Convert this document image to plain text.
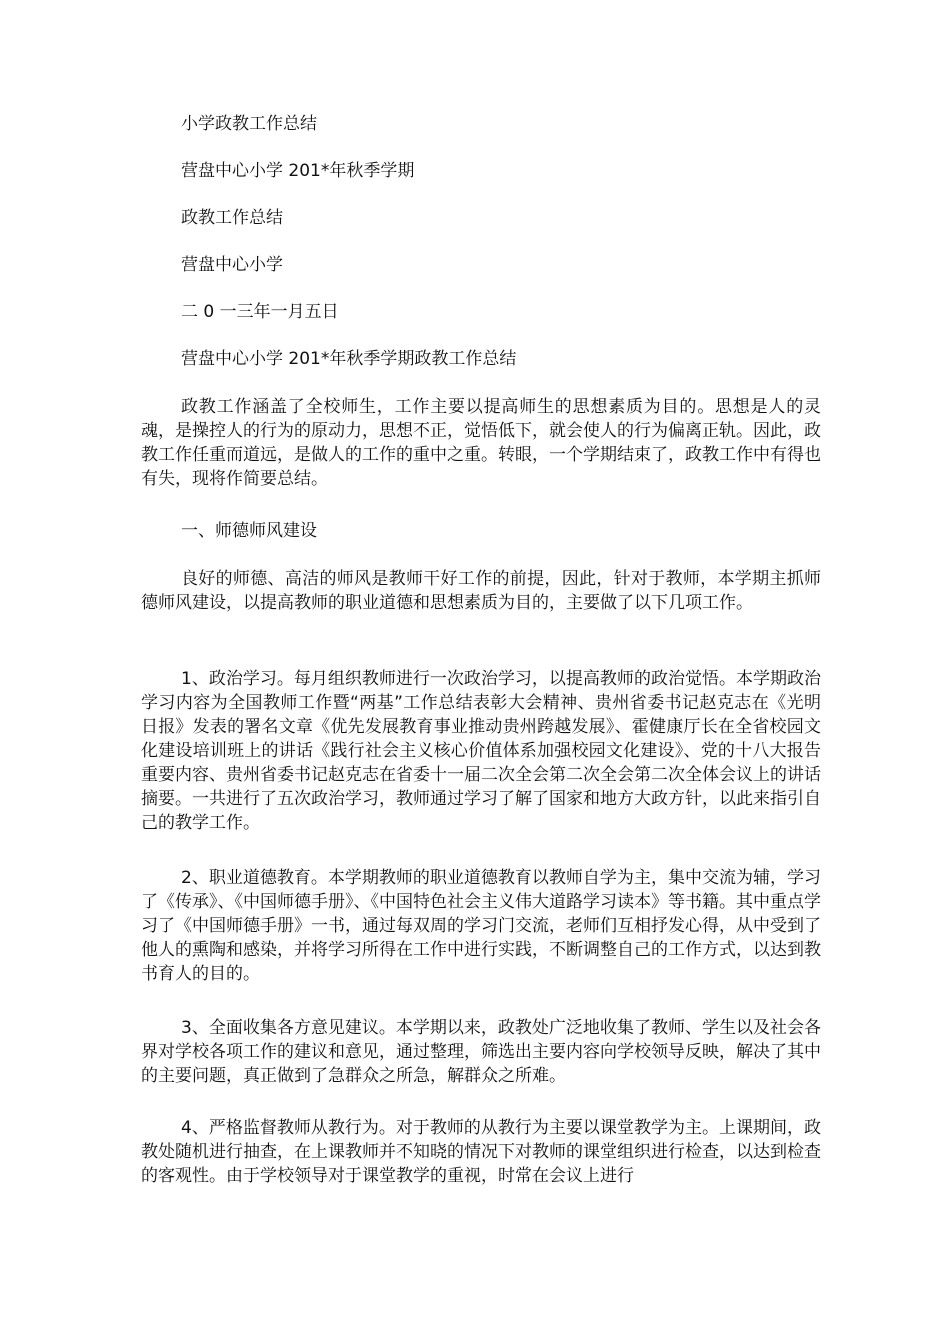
小学政教工作总结
营盘中心小学 201*年秋季学期
政教工作总结
营盘中心小学
二 0 一三年一月五日
营盘中心小学 201*年秋季学期政教工作总结

政教工作涵盖了全校师生，工作主要以提高师生的思想素质为目的。思想是人的灵魂，是操控人的行为的原动力，思想不正，觉悟低下，就会使人的行为偏离正轨。因此，政教工作任重而道远，是做人的工作的重中之重。转眼，一个学期结束了，政教工作中有得也有失，现将作简要总结。

一、师德师风建设

良好的师德、高洁的师风是教师干好工作的前提，因此，针对于教师，本学期主抓师德师风建设，以提高教师的职业道德和思想素质为目的，主要做了以下几项工作。

1、政治学习。每月组织教师进行一次政治学习，以提高教师的政治觉悟。本学期政治学习内容为全国教师工作暨“两基”工作总结表彰大会精神、贵州省委书记赵克志在《光明日报》发表的署名文章《优先发展教育事业推动贵州跨越发展》、霍健康厅长在全省校园文化建设培训班上的讲话《践行社会主义核心价值体系加强校园文化建设》、党的十八大报告重要内容、贵州省委书记赵克志在省委十一届二次全会第二次全会第二次全体会议上的讲话摘要。一共进行了五次政治学习，教师通过学习了解了国家和地方大政方针，以此来指引自己的教学工作。

2、职业道德教育。本学期教师的职业道德教育以教师自学为主，集中交流为辅，学习了《传承》、《中国师德手册》、《中国特色社会主义伟大道路学习读本》等书籍。其中重点学习了《中国师德手册》一书，通过每双周的学习门交流，老师们互相抒发心得，从中受到了他人的熏陶和感染，并将学习所得在工作中进行实践，不断调整自己的工作方式，以达到教书育人的目的。

3、全面收集各方意见建议。本学期以来，政教处广泛地收集了教师、学生以及社会各界对学校各项工作的建议和意见，通过整理，筛选出主要内容向学校领导反映，解决了其中的主要问题，真正做到了急群众之所急，解群众之所难。

4、严格监督教师从教行为。对于教师的从教行为主要以课堂教学为主。上课期间，政教处随机进行抽查，在上课教师并不知晓的情况下对教师的课堂组织进行检查，以达到检查的客观性。由于学校领导对于课堂教学的重视，时常在会议上进行
